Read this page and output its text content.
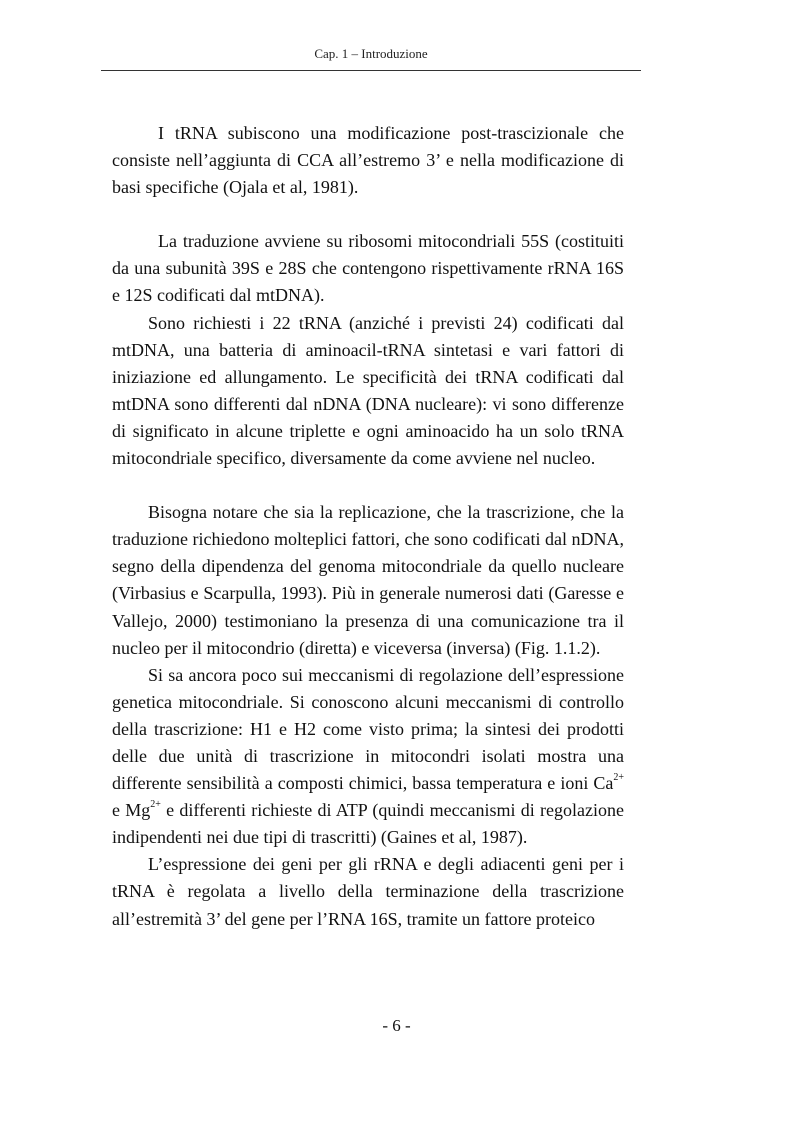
Cap. 1 – Introduzione

I tRNA subiscono una modificazione post-trascizionale che consiste nell’aggiunta di CCA all’estremo 3’ e nella modificazione di basi specifiche (Ojala et al, 1981).

La traduzione avviene su ribosomi mitocondriali 55S (costituiti da una subunità 39S e 28S che contengono rispettivamente rRNA 16S e 12S codificati dal mtDNA).

Sono richiesti i 22 tRNA (anziché i previsti 24) codificati dal mtDNA, una batteria di aminoacil-tRNA sintetasi e vari fattori di iniziazione ed allungamento. Le specificità dei tRNA codificati dal mtDNA sono differenti dal nDNA (DNA nucleare): vi sono differenze di significato in alcune triplette e ogni aminoacido ha un solo tRNA mitocondriale specifico, diversamente da come avviene nel nucleo.

Bisogna notare che sia la replicazione, che la trascrizione, che la traduzione richiedono molteplici fattori, che sono codificati dal nDNA, segno della dipendenza del genoma mitocondriale da quello nucleare (Virbasius e Scarpulla, 1993). Più in generale numerosi dati (Garesse e Vallejo, 2000) testimoniano la presenza di una comunicazione tra il nucleo per il mitocondrio (diretta) e viceversa (inversa) (Fig. 1.1.2).

Si sa ancora poco sui meccanismi di regolazione dell’espressione genetica mitocondriale. Si conoscono alcuni meccanismi di controllo della trascrizione: H1 e H2 come visto prima; la sintesi dei prodotti delle due unità di trascrizione in mitocondri isolati mostra una differente sensibilità a composti chimici, bassa temperatura e ioni $Ca^{2+}$ e $Mg^{2+}$ e differenti richieste di ATP (quindi meccanismi di regolazione indipendenti nei due tipi di trascritti) (Gaines et al, 1987).

L’espressione dei geni per gli rRNA e degli adiacenti geni per i tRNA è regolata a livello della terminazione della trascrizione all’estremità 3’ del gene per l’RNA 16S, tramite un fattore proteico

- 6 -
